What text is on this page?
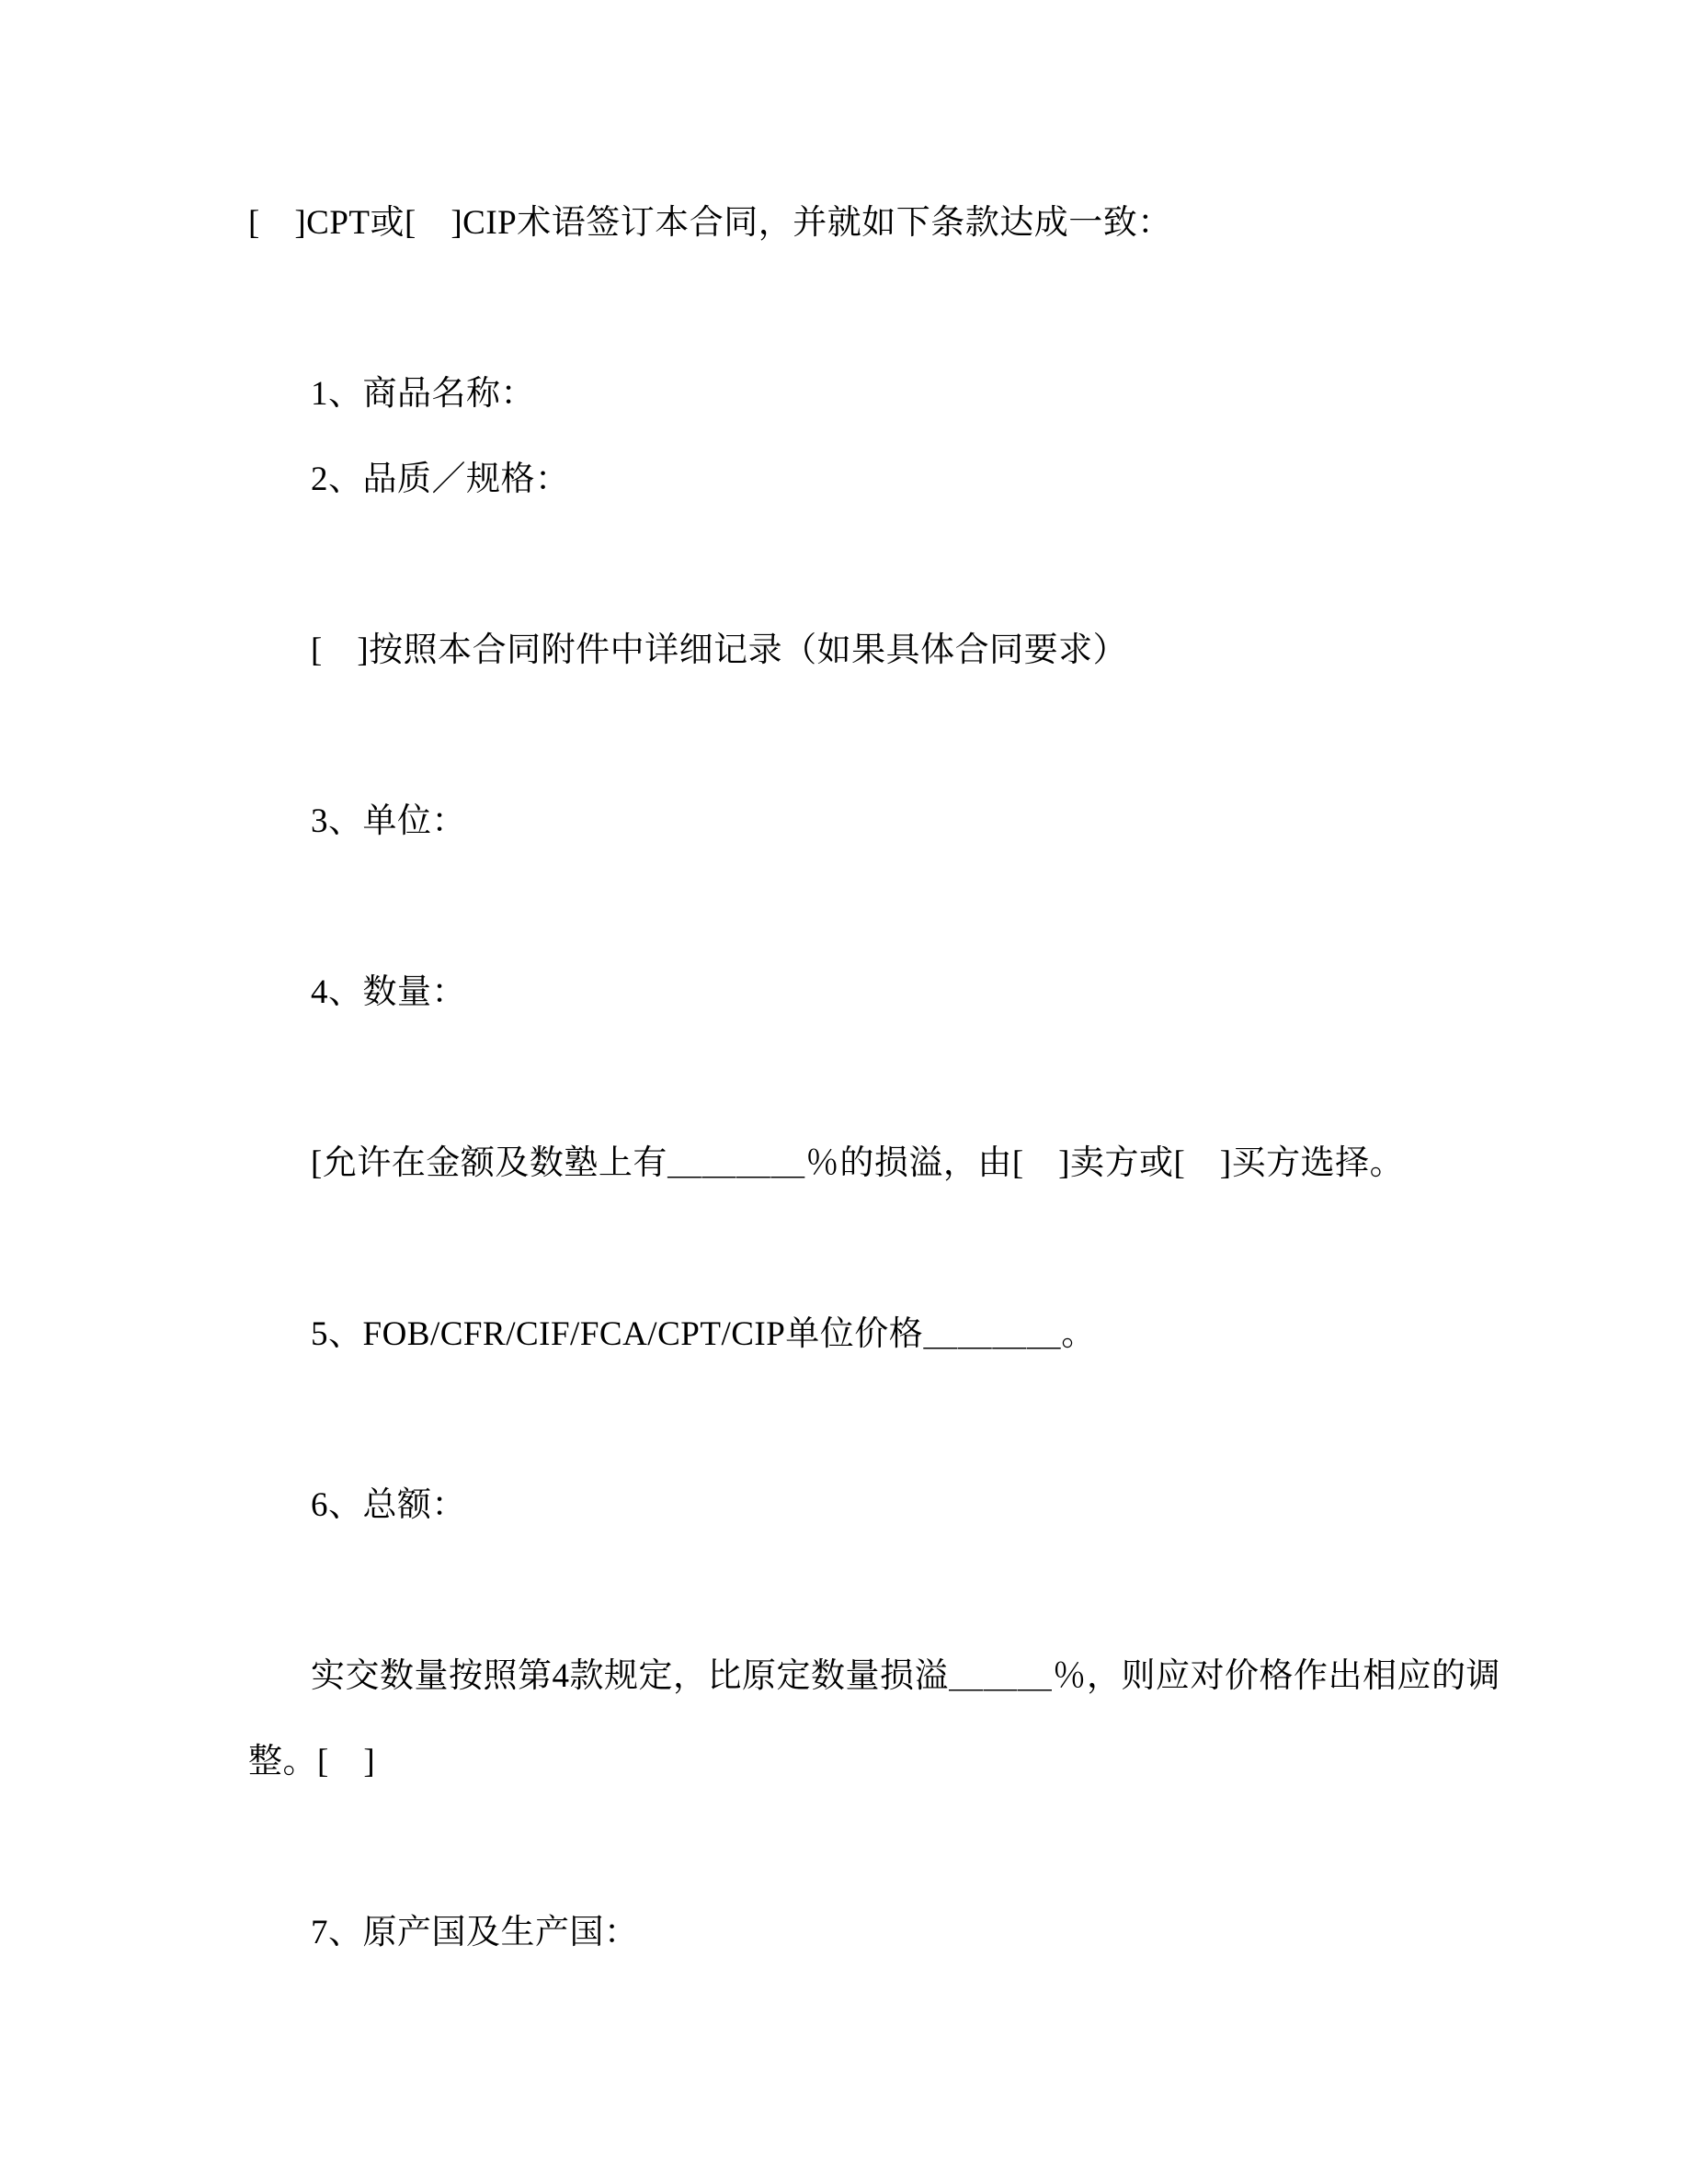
[　]CPT或[　]CIP术语签订本合同，并就如下条款达成一致：
1、商品名称：
2、品质／规格：
[　]按照本合同附件中详细记录（如果具体合同要求）
3、单位：
4、数量：
[允许在金额及数塾上有＿＿＿＿％的损溢，由[　]卖方或[　]买方选择。
5、FOB/CFR/CIF/FCA/CPT/CIP单位价格＿＿＿＿。
6、总额：
实交数量按照第4款规定，比原定数量损溢＿＿＿％，则应对价格作出相应的调
整。[　]
7、原产国及生产国：
